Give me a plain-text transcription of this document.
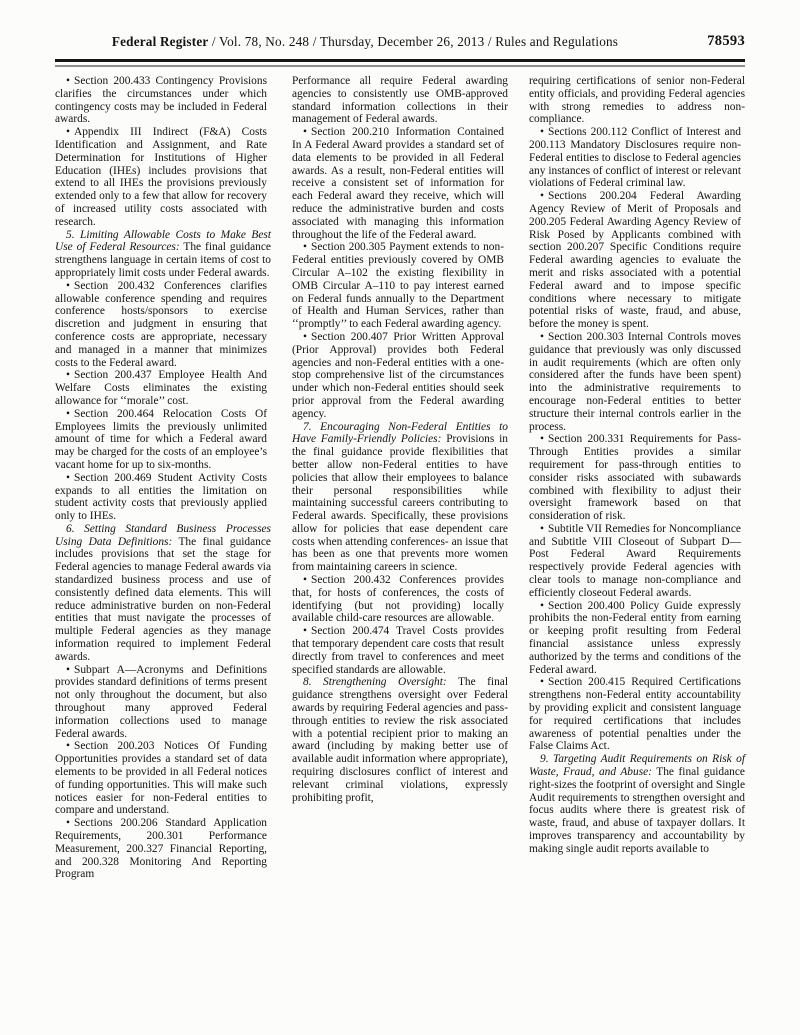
Federal Register / Vol. 78, No. 248 / Thursday, December 26, 2013 / Rules and Regulations	78593

• Section 200.433 Contingency Provisions clarifies the circumstances under which contingency costs may be included in Federal awards.

• Appendix III Indirect (F&A) Costs Identification and Assignment, and Rate Determination for Institutions of Higher Education (IHEs) includes provisions that extend to all IHEs the provisions previously extended only to a few that allow for recovery of increased utility costs associated with research.

5. Limiting Allowable Costs to Make Best Use of Federal Resources: The final guidance strengthens language in certain items of cost to appropriately limit costs under Federal awards.

• Section 200.432 Conferences clarifies allowable conference spending and requires conference hosts/sponsors to exercise discretion and judgment in ensuring that conference costs are appropriate, necessary and managed in a manner that minimizes costs to the Federal award.

• Section 200.437 Employee Health And Welfare Costs eliminates the existing allowance for ‘‘morale’’ cost.

• Section 200.464 Relocation Costs Of Employees limits the previously unlimited amount of time for which a Federal award may be charged for the costs of an employee’s vacant home for up to six-months.

• Section 200.469 Student Activity Costs expands to all entities the limitation on student activity costs that previously applied only to IHEs.

6. Setting Standard Business Processes Using Data Definitions: The final guidance includes provisions that set the stage for Federal agencies to manage Federal awards via standardized business process and use of consistently defined data elements. This will reduce administrative burden on non-Federal entities that must navigate the processes of multiple Federal agencies as they manage information required to implement Federal awards.

• Subpart A—Acronyms and Definitions provides standard definitions of terms present not only throughout the document, but also throughout many approved Federal information collections used to manage Federal awards.

• Section 200.203 Notices Of Funding Opportunities provides a standard set of data elements to be provided in all Federal notices of funding opportunities. This will make such notices easier for non-Federal entities to compare and understand.

• Sections 200.206 Standard Application Requirements, 200.301 Performance Measurement, 200.327 Financial Reporting, and 200.328 Monitoring And Reporting Program

Performance all require Federal awarding agencies to consistently use OMB-approved standard information collections in their management of Federal awards.

• Section 200.210 Information Contained In A Federal Award provides a standard set of data elements to be provided in all Federal awards. As a result, non-Federal entities will receive a consistent set of information for each Federal award they receive, which will reduce the administrative burden and costs associated with managing this information throughout the life of the Federal award.

• Section 200.305 Payment extends to non-Federal entities previously covered by OMB Circular A–102 the existing flexibility in OMB Circular A–110 to pay interest earned on Federal funds annually to the Department of Health and Human Services, rather than ‘‘promptly’’ to each Federal awarding agency.

• Section 200.407 Prior Written Approval (Prior Approval) provides both Federal agencies and non-Federal entities with a one-stop comprehensive list of the circumstances under which non-Federal entities should seek prior approval from the Federal awarding agency.

7. Encouraging Non-Federal Entities to Have Family-Friendly Policies: Provisions in the final guidance provide flexibilities that better allow non-Federal entities to have policies that allow their employees to balance their personal responsibilities while maintaining successful careers contributing to Federal awards. Specifically, these provisions allow for policies that ease dependent care costs when attending conferences- an issue that has been as one that prevents more women from maintaining careers in science.

• Section 200.432 Conferences provides that, for hosts of conferences, the costs of identifying (but not providing) locally available child-care resources are allowable.

• Section 200.474 Travel Costs provides that temporary dependent care costs that result directly from travel to conferences and meet specified standards are allowable.

8. Strengthening Oversight: The final guidance strengthens oversight over Federal awards by requiring Federal agencies and pass-through entities to review the risk associated with a potential recipient prior to making an award (including by making better use of available audit information where appropriate), requiring disclosures conflict of interest and relevant criminal violations, expressly prohibiting profit,

requiring certifications of senior non-Federal entity officials, and providing Federal agencies with strong remedies to address non-compliance.

• Sections 200.112 Conflict of Interest and 200.113 Mandatory Disclosures require non-Federal entities to disclose to Federal agencies any instances of conflict of interest or relevant violations of Federal criminal law.

• Sections 200.204 Federal Awarding Agency Review of Merit of Proposals and 200.205 Federal Awarding Agency Review of Risk Posed by Applicants combined with section 200.207 Specific Conditions require Federal awarding agencies to evaluate the merit and risks associated with a potential Federal award and to impose specific conditions where necessary to mitigate potential risks of waste, fraud, and abuse, before the money is spent.

• Section 200.303 Internal Controls moves guidance that previously was only discussed in audit requirements (which are often only considered after the funds have been spent) into the administrative requirements to encourage non-Federal entities to better structure their internal controls earlier in the process.

• Section 200.331 Requirements for Pass-Through Entities provides a similar requirement for pass-through entities to consider risks associated with subawards combined with flexibility to adjust their oversight framework based on that consideration of risk.

• Subtitle VII Remedies for Noncompliance and Subtitle VIII Closeout of Subpart D—Post Federal Award Requirements respectively provide Federal agencies with clear tools to manage non-compliance and efficiently closeout Federal awards.

• Section 200.400 Policy Guide expressly prohibits the non-Federal entity from earning or keeping profit resulting from Federal financial assistance unless expressly authorized by the terms and conditions of the Federal award.

• Section 200.415 Required Certifications strengthens non-Federal entity accountability by providing explicit and consistent language for required certifications that includes awareness of potential penalties under the False Claims Act.

9. Targeting Audit Requirements on Risk of Waste, Fraud, and Abuse: The final guidance right-sizes the footprint of oversight and Single Audit requirements to strengthen oversight and focus audits where there is greatest risk of waste, fraud, and abuse of taxpayer dollars. It improves transparency and accountability by making single audit reports available to
